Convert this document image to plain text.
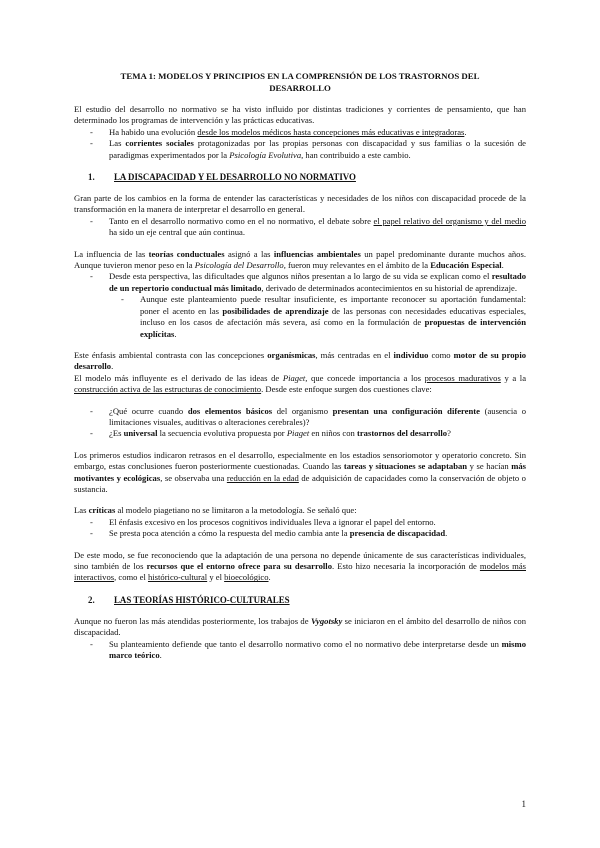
TEMA 1: MODELOS Y PRINCIPIOS EN LA COMPRENSIÓN DE LOS TRASTORNOS DEL DESARROLLO

El estudio del desarrollo no normativo se ha visto influido por distintas tradiciones y corrientes de pensamiento, que han determinado los programas de intervención y las prácticas educativas.

- Ha habido una evolución desde los modelos médicos hasta concepciones más educativas e integradoras.
- Las corrientes sociales protagonizadas por las propias personas con discapacidad y sus familias o la sucesión de paradigmas experimentados por la Psicología Evolutiva, han contribuido a este cambio.
1. LA DISCAPACIDAD Y EL DESARROLLO NO NORMATIVO

Gran parte de los cambios en la forma de entender las características y necesidades de los niños con discapacidad procede de la transformación en la manera de interpretar el desarrollo en general.

- Tanto en el desarrollo normativo como en el no normativo, el debate sobre el papel relativo del organismo y del medio ha sido un eje central que aún continua.

La influencia de las teorías conductuales asignó a las influencias ambientales un papel predominante durante muchos años. Aunque tuvieron menor peso en la Psicología del Desarrollo, fueron muy relevantes en el ámbito de la Educación Especial.

- Desde esta perspectiva, las dificultades que algunos niños presentan a lo largo de su vida se explican como el resultado de un repertorio conductual más limitado, derivado de determinados acontecimientos en su historial de aprendizaje.
- Aunque este planteamiento puede resultar insuficiente, es importante reconocer su aportación fundamental: poner el acento en las posibilidades de aprendizaje de las personas con necesidades educativas especiales, incluso en los casos de afectación más severa, así como en la formulación de propuestas de intervención explícitas.

Este énfasis ambiental contrasta con las concepciones organísmicas, más centradas en el individuo como motor de su propio desarrollo.

El modelo más influyente es el derivado de las ideas de Piaget, que concede importancia a los procesos madurativos y a la construcción activa de las estructuras de conocimiento. Desde este enfoque surgen dos cuestiones clave:

- ¿Qué ocurre cuando dos elementos básicos del organismo presentan una configuración diferente (ausencia o limitaciones visuales, auditivas o alteraciones cerebrales)?
- ¿Es universal la secuencia evolutiva propuesta por Piaget en niños con trastornos del desarrollo?

Los primeros estudios indicaron retrasos en el desarrollo, especialmente en los estadios sensoriomotor y operatorio concreto. Sin embargo, estas conclusiones fueron posteriormente cuestionadas. Cuando las tareas y situaciones se adaptaban y se hacían más motivantes y ecológicas, se observaba una reducción en la edad de adquisición de capacidades como la conservación de objeto o sustancia.

Las críticas al modelo piagetiano no se limitaron a la metodología. Se señaló que:

- El énfasis excesivo en los procesos cognitivos individuales lleva a ignorar el papel del entorno.
- Se presta poca atención a cómo la respuesta del medio cambia ante la presencia de discapacidad.

De este modo, se fue reconociendo que la adaptación de una persona no depende únicamente de sus características individuales, sino también de los recursos que el entorno ofrece para su desarrollo. Esto hizo necesaria la incorporación de modelos más interactivos, como el histórico-cultural y el bioecológico.

2. LAS TEORÍAS HISTÓRICO-CULTURALES

Aunque no fueron las más atendidas posteriormente, los trabajos de Vygotsky se iniciaron en el ámbito del desarrollo de niños con discapacidad.

- Su planteamiento defiende que tanto el desarrollo normativo como el no normativo debe interpretarse desde un mismo marco teórico.
1
